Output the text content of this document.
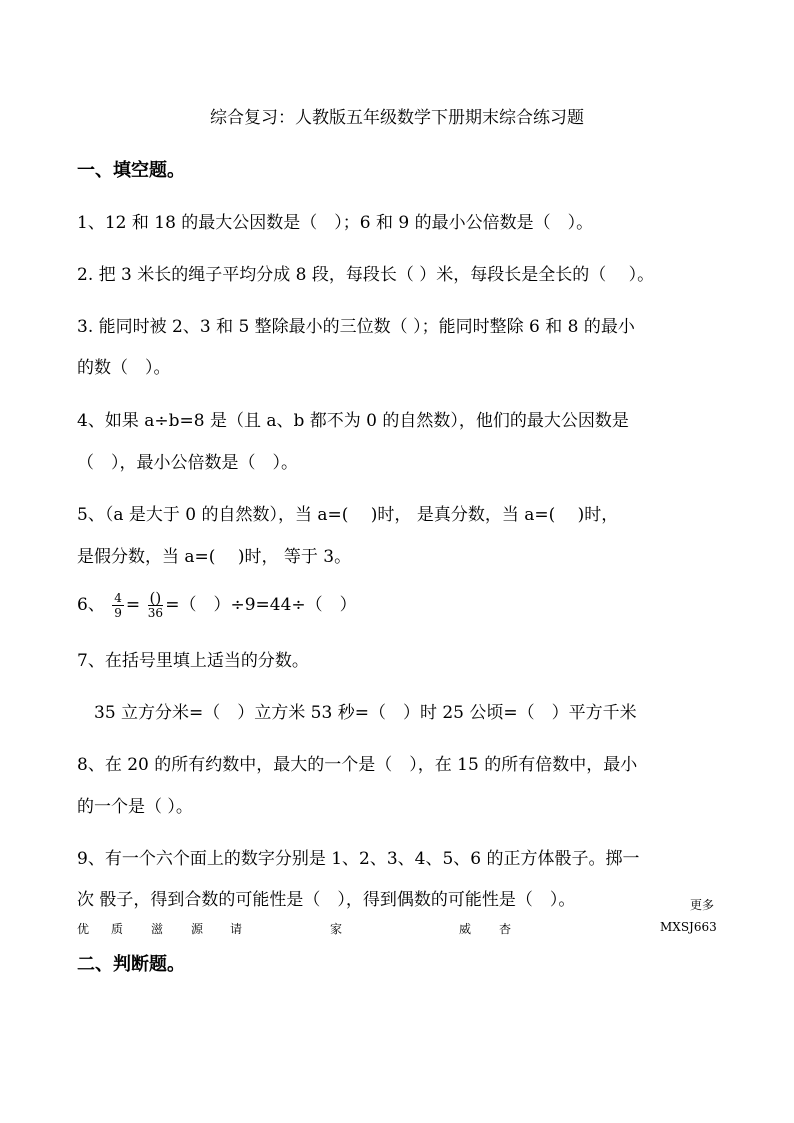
综合复习：人教版五年级数学下册期末综合练习题
一、填空题。
1、12 和 18 的最大公因数是（　）；6 和 9 的最小公倍数是（　）。
2. 把 3 米长的绳子平均分成 8 段，每段长（ ）米，每段长是全长的（　 ）。
3. 能同时被 2、3 和 5 整除最小的三位数（ ）；能同时整除 6 和 8 的最小
的数（　）。
4、如果 a÷b=8 是（且 a、b 都不为 0 的自然数），他们的最大公因数是
（　），最小公倍数是（　）。
5、（a 是大于 0 的自然数），当 a=(　 )时， 是真分数，当 a=(　 )时，
是假分数，当 a=(　 )时， 等于 3。
6、 $\frac{4}{9} = \frac{()}{36}$ =（　）÷9=44÷（　）
7、在括号里填上适当的分数。
35 立方分米=（　）立方米 53 秒=（　）时 25 公顷=（　）平方千米
8、在 20 的所有约数中，最大的一个是（　），在 15 的所有倍数中，最小
的一个是（ ）。
9、有一个六个面上的数字分别是 1、2、3、4、5、6 的正方体骰子。掷一
次 骰子，得到合数的可能性是（　），得到偶数的可能性是（　）。	更多
优 质 滋 源 请	家	威 杏	MXSJ663
二、判断题。
